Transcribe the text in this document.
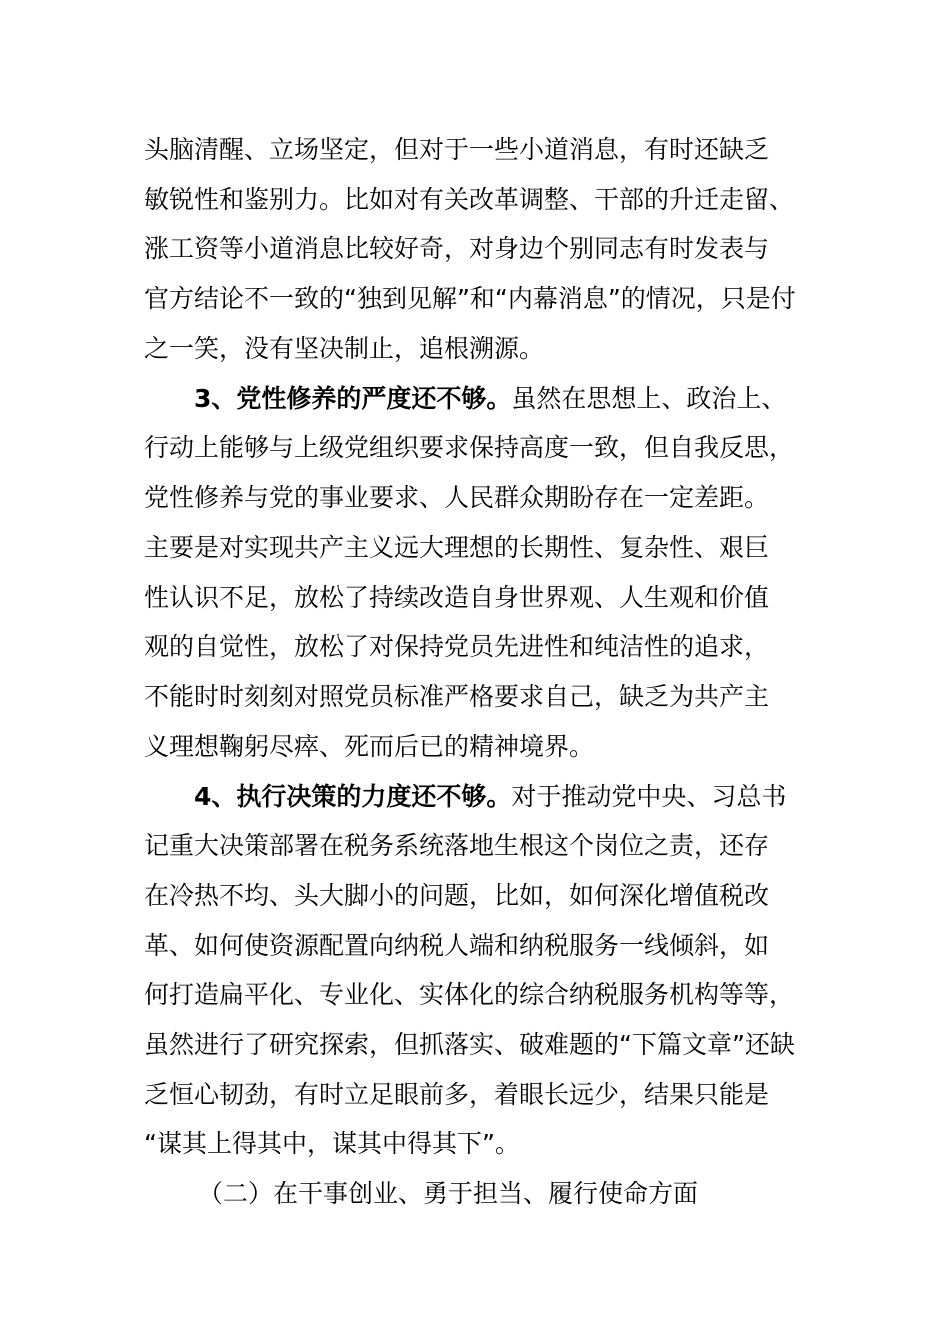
头脑清醒、立场坚定，但对于一些小道消息，有时还缺乏
敏锐性和鉴别力。比如对有关改革调整、干部的升迁走留、
涨工资等小道消息比较好奇，对身边个别同志有时发表与
官方结论不一致的“独到见解”和“内幕消息”的情况，只是付
之一笑，没有坚决制止，追根溯源。
3、党性修养的严度还不够。虽然在思想上、政治上、
行动上能够与上级党组织要求保持高度一致，但自我反思，
党性修养与党的事业要求、人民群众期盼存在一定差距。
主要是对实现共产主义远大理想的长期性、复杂性、艰巨
性认识不足，放松了持续改造自身世界观、人生观和价值
观的自觉性，放松了对保持党员先进性和纯洁性的追求，
不能时时刻刻对照党员标准严格要求自己，缺乏为共产主
义理想鞠躬尽瘁、死而后已的精神境界。
4、执行决策的力度还不够。对于推动党中央、习总书
记重大决策部署在税务系统落地生根这个岗位之责，还存
在冷热不均、头大脚小的问题，比如，如何深化增值税改
革、如何使资源配置向纳税人端和纳税服务一线倾斜，如
何打造扁平化、专业化、实体化的综合纳税服务机构等等，
虽然进行了研究探索，但抓落实、破难题的“下篇文章”还缺
乏恒心韧劲，有时立足眼前多，着眼长远少，结果只能是
“谋其上得其中，谋其中得其下”。
（二）在干事创业、勇于担当、履行使命方面
